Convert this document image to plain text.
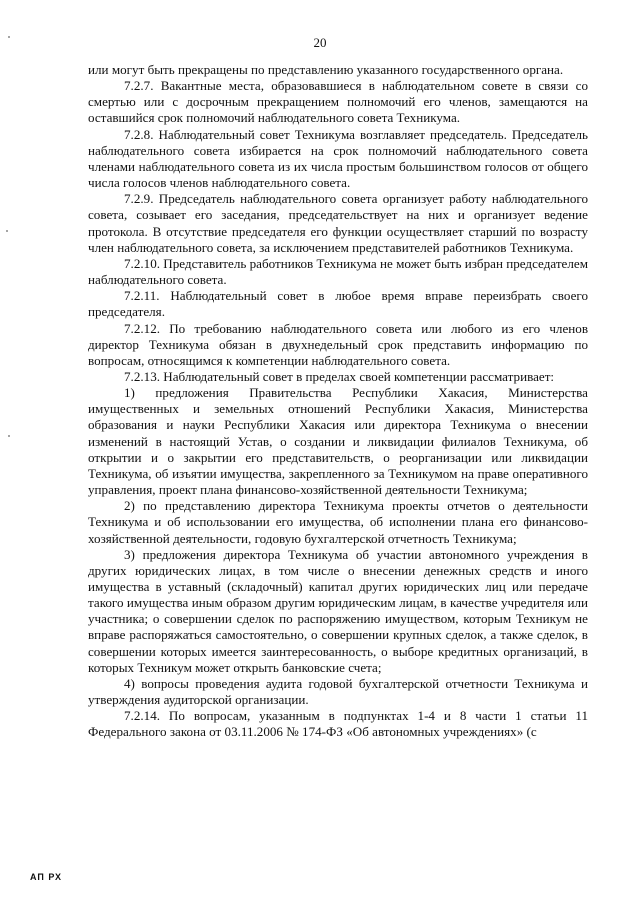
20

или могут быть прекращены по представлению указанного государственного органа.

7.2.7. Вакантные места, образовавшиеся в наблюдательном совете в связи со смертью или с досрочным прекращением полномочий его членов, замещаются на оставшийся срок полномочий наблюдательного совета Техникума.

7.2.8. Наблюдательный совет Техникума возглавляет председатель. Председатель наблюдательного совета избирается на срок полномочий наблюдательного совета членами наблюдательного совета из их числа простым большинством голосов от общего числа голосов членов наблюдательного совета.

7.2.9. Председатель наблюдательного совета организует работу наблюдательного совета, созывает его заседания, председательствует на них и организует ведение протокола. В отсутствие председателя его функции осуществляет старший по возрасту член наблюдательного совета, за исключением представителей работников Техникума.

7.2.10. Представитель работников Техникума не может быть избран председателем наблюдательного совета.

7.2.11. Наблюдательный совет в любое время вправе переизбрать своего председателя.

7.2.12. По требованию наблюдательного совета или любого из его членов директор Техникума обязан в двухнедельный срок представить информацию по вопросам, относящимся к компетенции наблюдательного совета.

7.2.13. Наблюдательный совет в пределах своей компетенции рассматривает:

1) предложения Правительства Республики Хакасия, Министерства имущественных и земельных отношений Республики Хакасия, Министерства образования и науки Республики Хакасия или директора Техникума о внесении изменений в настоящий Устав, о создании и ликвидации филиалов Техникума, об открытии и о закрытии его представительств, о реорганизации или ликвидации Техникума, об изъятии имущества, закрепленного за Техникумом на праве оперативного управления, проект плана финансово-хозяйственной деятельности Техникума;

2) по представлению директора Техникума проекты отчетов о деятельности Техникума и об использовании его имущества, об исполнении плана его финансово-хозяйственной деятельности, годовую бухгалтерской отчетность Техникума;

3) предложения директора Техникума об участии автономного учреждения в других юридических лицах, в том числе о внесении денежных средств и иного имущества в уставный (складочный) капитал других юридических лиц или передаче такого имущества иным образом другим юридическим лицам, в качестве учредителя или участника; о совершении сделок по распоряжению имуществом, которым Техникум не вправе распоряжаться самостоятельно, о совершении крупных сделок, а также сделок, в совершении которых имеется заинтересованность, о выборе кредитных организаций, в которых Техникум может открыть банковские счета;

4) вопросы проведения аудита годовой бухгалтерской отчетности Техникума и утверждения аудиторской организации.

7.2.14. По вопросам, указанным в подпунктах 1-4 и 8 части 1 статьи 11 Федерального закона от 03.11.2006 № 174-ФЗ «Об автономных учреждениях» (с

АП РХ
